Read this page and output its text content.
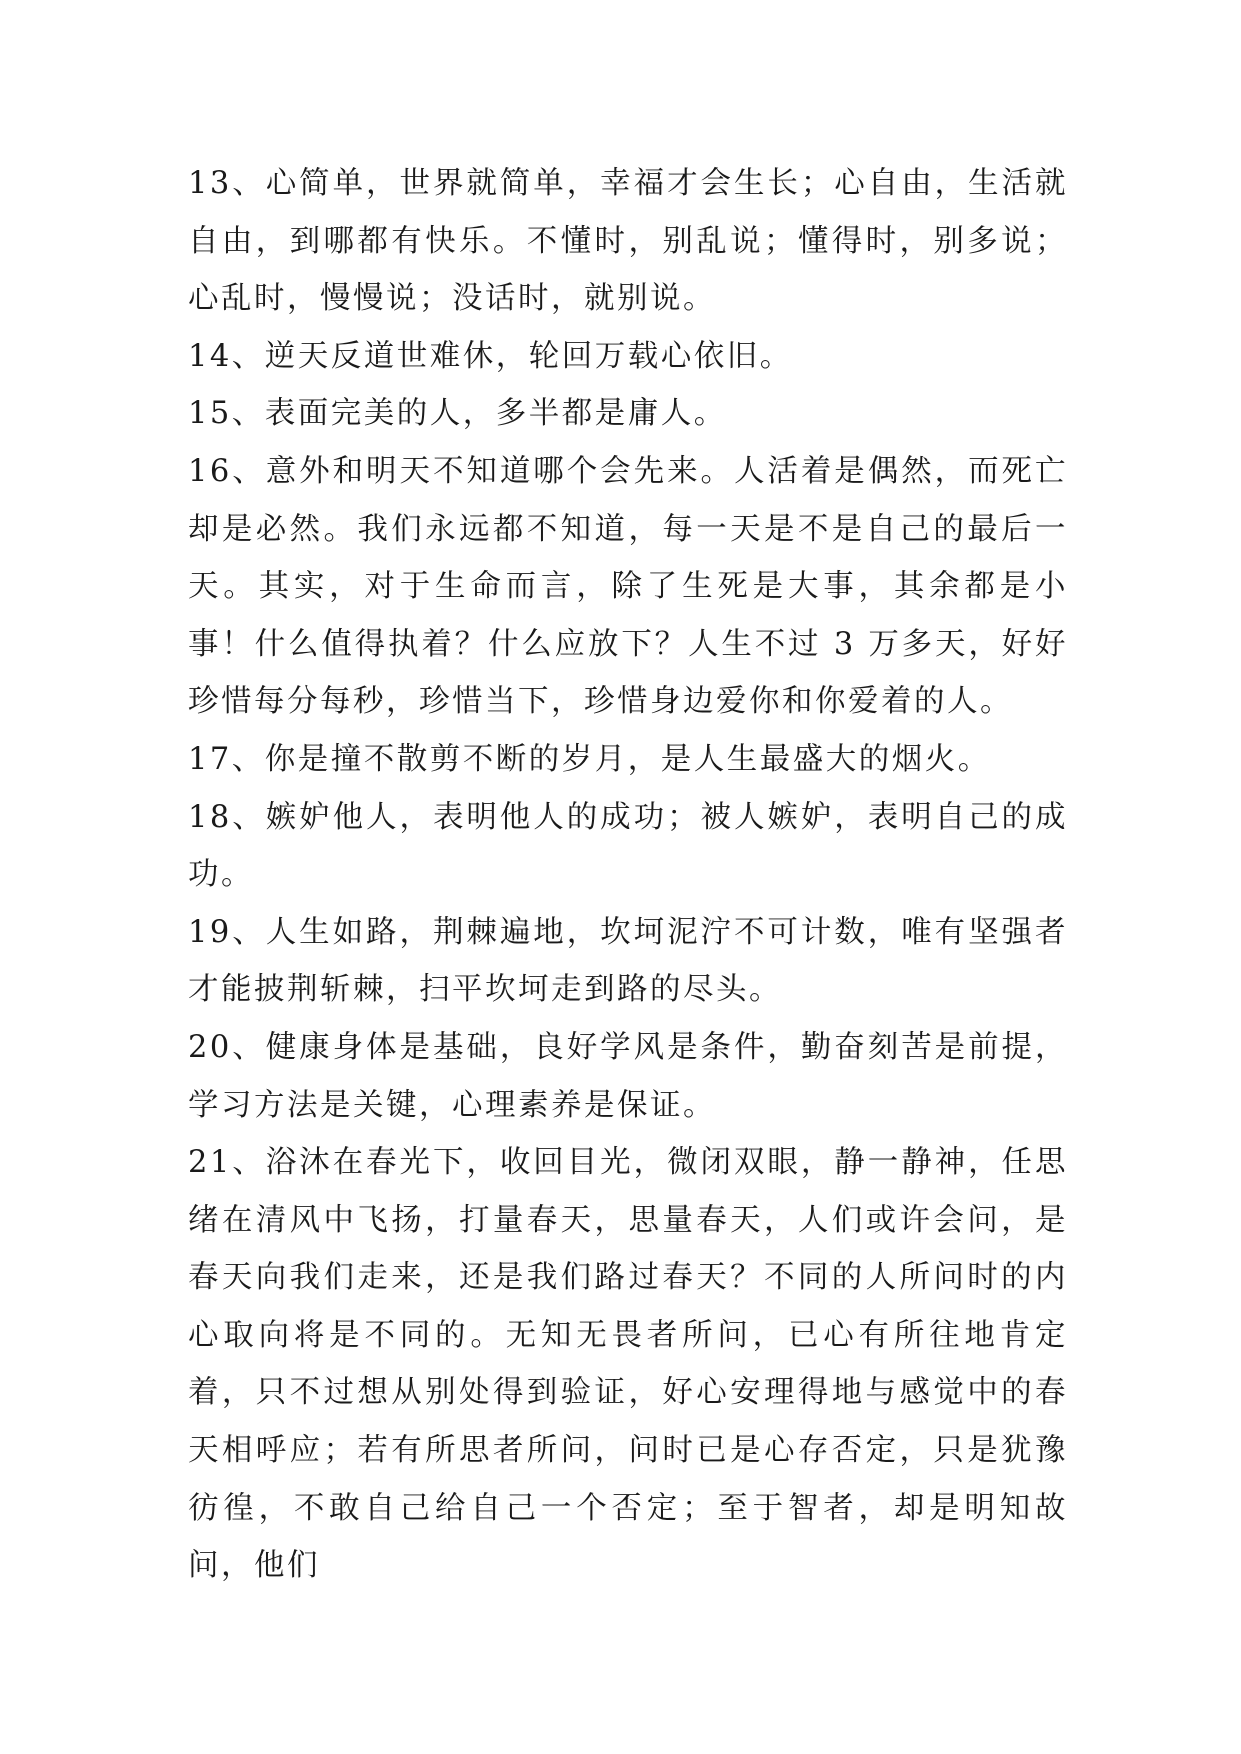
13、心简单，世界就简单，幸福才会生长；心自由，生活就自由，到哪都有快乐。不懂时，别乱说；懂得时，别多说；心乱时，慢慢说；没话时，就别说。

14、逆天反道世难休，轮回万载心依旧。

15、表面完美的人，多半都是庸人。

16、意外和明天不知道哪个会先来。人活着是偶然，而死亡却是必然。我们永远都不知道，每一天是不是自己的最后一天。其实，对于生命而言，除了生死是大事，其余都是小事！什么值得执着？什么应放下？人生不过 3 万多天，好好珍惜每分每秒，珍惜当下，珍惜身边爱你和你爱着的人。

17、你是撞不散剪不断的岁月，是人生最盛大的烟火。

18、嫉妒他人，表明他人的成功；被人嫉妒，表明自己的成功。

19、人生如路，荆棘遍地，坎坷泥泞不可计数，唯有坚强者才能披荆斩棘，扫平坎坷走到路的尽头。

20、健康身体是基础，良好学风是条件，勤奋刻苦是前提，学习方法是关键，心理素养是保证。

21、浴沐在春光下，收回目光，微闭双眼，静一静神，任思绪在清风中飞扬，打量春天，思量春天，人们或许会问，是春天向我们走来，还是我们路过春天？不同的人所问时的内心取向将是不同的。无知无畏者所问，已心有所往地肯定着，只不过想从别处得到验证，好心安理得地与感觉中的春天相呼应；若有所思者所问，问时已是心存否定，只是犹豫彷徨，不敢自己给自己一个否定；至于智者，却是明知故问，他们
